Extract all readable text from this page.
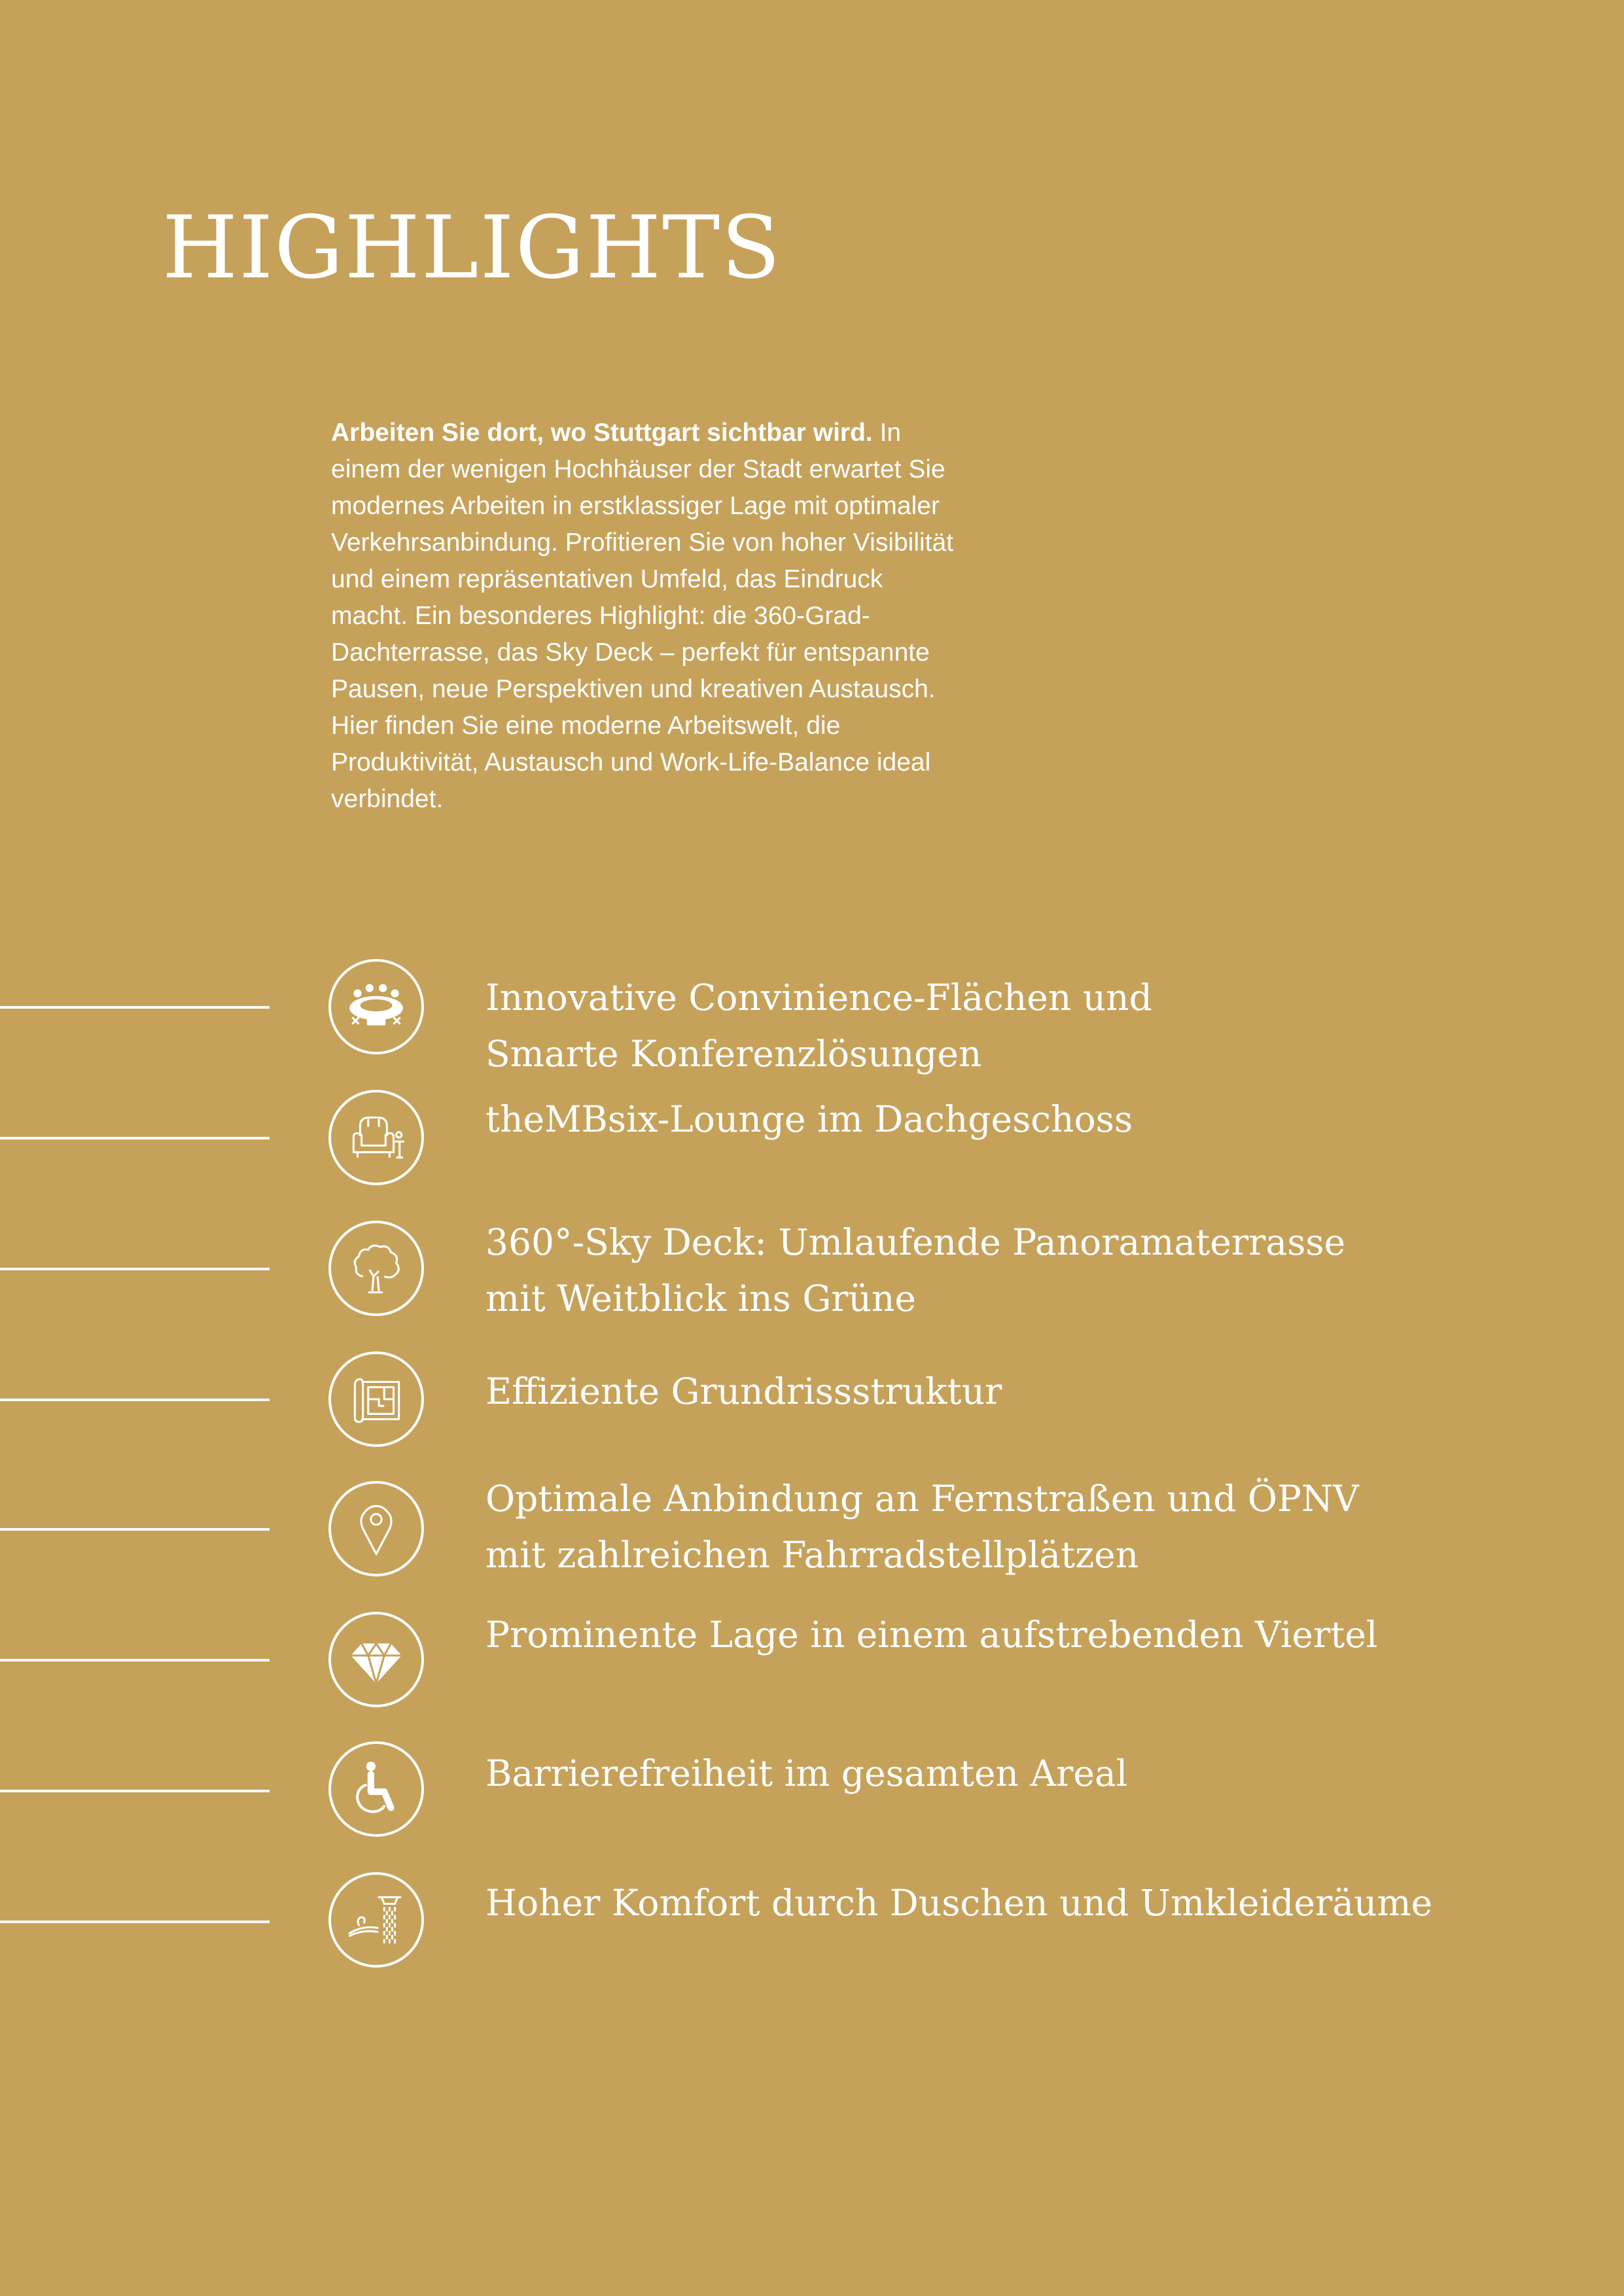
HIGHLIGHTS

Arbeiten Sie dort, wo Stuttgart sichtbar wird. In einem der wenigen Hochhäuser der Stadt erwartet Sie modernes Arbeiten in erstklassiger Lage mit optimaler Verkehrsanbindung. Profitieren Sie von hoher Visibilität und einem repräsentativen Umfeld, das Eindruck macht. Ein besonderes Highlight: die 360-Grad-Dachterrasse, das Sky Deck – perfekt für entspannte Pausen, neue Perspektiven und kreativen Austausch. Hier finden Sie eine moderne Arbeitswelt, die Produktivität, Austausch und Work-Life-Balance ideal verbindet.

Innovative Convinience-Flächen und
Smarte Konferenzlösungen

theMBsix-Lounge im Dachgeschoss

360°-Sky Deck: Umlaufende Panoramaterrasse
mit Weitblick ins Grüne

Effiziente Grundrissstruktur

Optimale Anbindung an Fernstraßen und ÖPNV
mit zahlreichen Fahrradstellplätzen

Prominente Lage in einem aufstrebenden Viertel

Barrierefreiheit im gesamten Areal

Hoher Komfort durch Duschen und Umkleideräume
